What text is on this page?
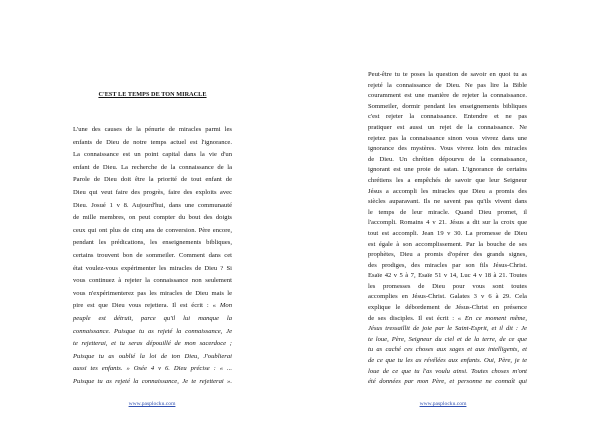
C'EST LE TEMPS DE TON MIRACLE
L'une des causes de la pénurie de miracles parmi les
enfants de Dieu de notre temps actuel est l'ignorance.
La connaissance est un point capital dans la vie d'un
enfant de Dieu. La recherche de la connaissance de la
Parole de Dieu doit être la priorité de tout enfant de
Dieu qui veut faire des progrès, faire des exploits avec
Dieu. Josué 1 v 8. Aujourd'hui, dans une communauté
de mille membres, on peut compter du bout des doigts
ceux qui ont plus de cinq ans de conversion. Père encore,
pendant les prédications, les enseignements bibliques,
certains trouvent bon de sommeiler. Comment dans cet
état voulez-vous expérimenter les miracles de Dieu ? Si
vous continuez à rejeter la connaissance non seulement
vous n'expérimenterez pas les miracles de Dieu mais le
pire est que Dieu vous rejettera. Il est écrit : « Mon
peuple est détruit, parce qu'il lui manque la
connaissance. Puisque tu as rejeté la connaissance, Je
te rejetterai, et tu seras dépouillé de mon sacerdoce ;
Puisque tu as oublié la loi de ton Dieu, J'oublierai
aussi tes enfants. » Osée 4 v 6. Dieu précise : « ...
Puisque tu as rejeté la connaissance, Je te rejetterai ».
www.pasplocku.com
Peut-être tu te poses la question de savoir en quoi tu as
rejeté la connaissance de Dieu. Ne pas lire la Bible
couramment est une manière de rejeter la connaissance.
Sommeiler, dormir pendant les enseignements bibliques
c'est rejeter la connaissance. Entendre et ne pas
pratiquer est aussi un rejet de la connaissance. Ne
rejetez pas la connaissance sinon vous vivrez dans une
ignorance des mystères. Vous vivrez loin des miracles
de Dieu. Un chrétien dépourvu de la connaissance,
ignorant est une proie de satan. L'ignorance de certains
chrétiens les a empêchés de savoir que leur Seigneur
Jésus a accompli les miracles que Dieu a promis des
siècles auparavant. Ils ne savent pas qu'ils vivent dans
le temps de leur miracle. Quand Dieu promet, il
l'accompli. Romains 4 v 21. Jésus a dit sur la croix que
tout est accompli. Jean 19 v 30. La promesse de Dieu
est égale à son accomplissement. Par la bouche de ses
prophètes, Dieu a promis d'opérer des grands signes,
des prodiges, des miracles par son fils Jésus-Christ.
Esaïe 42 v 5 à 7, Esaïe 51 v 14, Luc 4 v 18 à 21. Toutes
les promesses de Dieu pour vous sont toutes
accomplies en Jésus-Christ. Galates 3 v 6 à 29. Cela
explique le débordement de Jésus-Christ en présence
de ses disciples. Il est écrit : « En ce moment même,
Jésus tressaillit de joie par le Saint-Esprit, et il dit : Je
te loue, Père, Seigneur du ciel et de la terre, de ce que
tu as caché ces choses aux sages et aux intelligents, et
de ce que tu les as révélées aux enfants. Oui, Père, je te
loue de ce que tu l'as voulu ainsi. Toutes choses m'ont
été données par mon Père, et personne ne connaît qui
www.pasplocku.com
